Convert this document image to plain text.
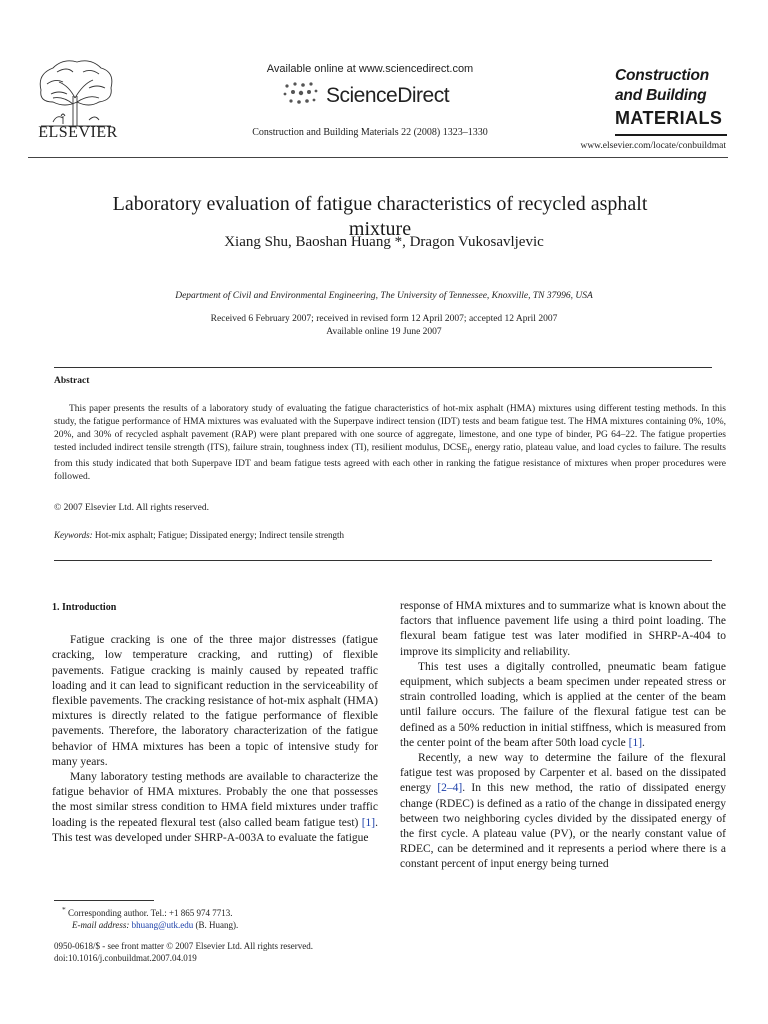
ELSEVIER
Available online at www.sciencedirect.com
ScienceDirect
Construction and Building Materials 22 (2008) 1323–1330
Construction
and Building
MATERIALS
www.elsevier.com/locate/conbuildmat
Laboratory evaluation of fatigue characteristics of recycled asphalt mixture
Xiang Shu, Baoshan Huang *, Dragon Vukosavljevic
Department of Civil and Environmental Engineering, The University of Tennessee, Knoxville, TN 37996, USA
Received 6 February 2007; received in revised form 12 April 2007; accepted 12 April 2007
Available online 19 June 2007
Abstract
This paper presents the results of a laboratory study of evaluating the fatigue characteristics of hot-mix asphalt (HMA) mixtures using different testing methods. In this study, the fatigue performance of HMA mixtures was evaluated with the Superpave indirect tension (IDT) tests and beam fatigue test. The HMA mixtures containing 0%, 10%, 20%, and 30% of recycled asphalt pavement (RAP) were plant prepared with one source of aggregate, limestone, and one type of binder, PG 64–22. The fatigue properties tested included indirect tensile strength (ITS), failure strain, toughness index (TI), resilient modulus, $DCSE_f$, energy ratio, plateau value, and load cycles to failure. The results from this study indicated that both Superpave IDT and beam fatigue tests agreed with each other in ranking the fatigue resistance of mixtures when proper procedures were followed.
© 2007 Elsevier Ltd. All rights reserved.
Keywords: Hot-mix asphalt; Fatigue; Dissipated energy; Indirect tensile strength
1. Introduction

Fatigue cracking is one of the three major distresses (fatigue cracking, low temperature cracking, and rutting) of flexible pavements. Fatigue cracking is mainly caused by repeated traffic loading and it can lead to significant reduction in the serviceability of flexible pavements. The cracking resistance of hot-mix asphalt (HMA) mixtures is directly related to the fatigue performance of flexible pavements. Therefore, the laboratory characterization of the fatigue behavior of HMA mixtures has been a topic of intensive study for many years.

Many laboratory testing methods are available to characterize the fatigue behavior of HMA mixtures. Probably the one that possesses the most similar stress condition to HMA field mixtures under traffic loading is the repeated flexural test (also called beam fatigue test) [1]. This test was developed under SHRP-A-003A to evaluate the fatigue

response of HMA mixtures and to summarize what is known about the factors that influence pavement life using a third point loading. The flexural beam fatigue test was later modified in SHRP-A-404 to improve its simplicity and reliability.

This test uses a digitally controlled, pneumatic beam fatigue equipment, which subjects a beam specimen under repeated stress or strain controlled loading, which is applied at the center of the beam until failure occurs. The failure of the flexural fatigue test can be defined as a 50% reduction in initial stiffness, which is measured from the center point of the beam after 50th load cycle [1].

Recently, a new way to determine the failure of the flexural fatigue test was proposed by Carpenter et al. based on the dissipated energy [2–4]. In this new method, the ratio of dissipated energy change (RDEC) is defined as a ratio of the change in dissipated energy between two neighboring cycles divided by the dissipated energy of the first cycle. A plateau value (PV), or the nearly constant value of RDEC, can be determined and it represents a period where there is a constant percent of input energy being turned

* Corresponding author. Tel.: +1 865 974 7713.
E-mail address: bhuang@utk.edu (B. Huang).
0950-0618/$ - see front matter © 2007 Elsevier Ltd. All rights reserved.
doi:10.1016/j.conbuildmat.2007.04.019
